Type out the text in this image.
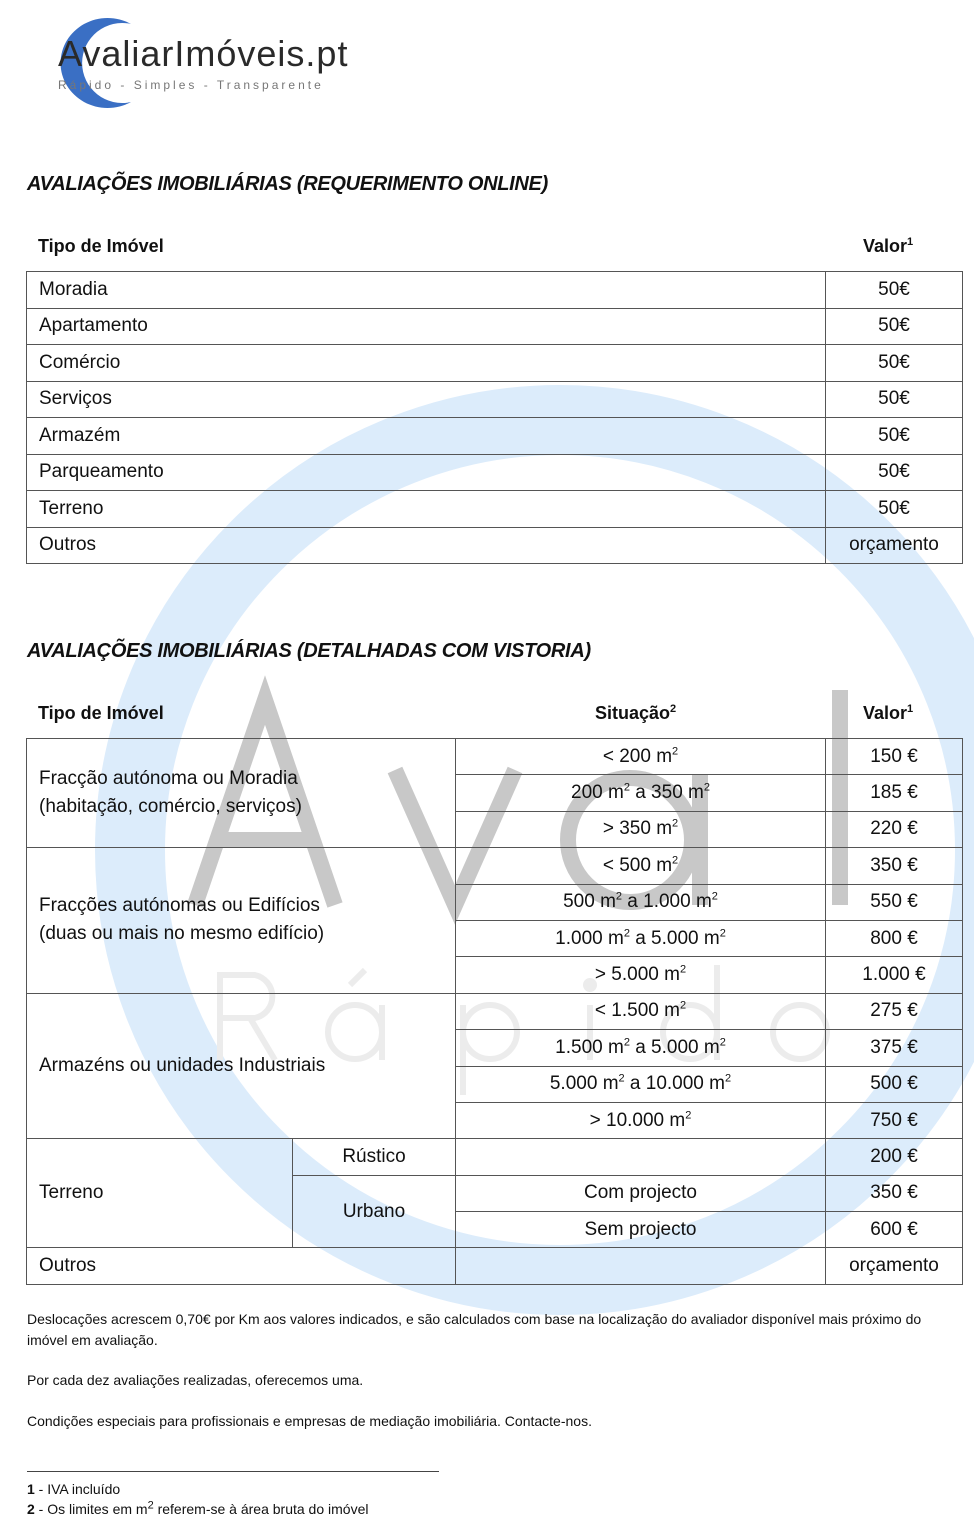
AvaliarImóveis.pt
Rápido - Simples - Transparente
AVALIAÇÕES IMOBILIÁRIAS (REQUERIMENTO ONLINE)
Tipo de Imóvel	Valor$^1$
Moradia	50€
Apartamento	50€
Comércio	50€
Serviços	50€
Armazém	50€
Parqueamento	50€
Terreno	50€
Outros	orçamento
AVALIAÇÕES IMOBILIÁRIAS (DETALHADAS COM VISTORIA)
Tipo de Imóvel	Situação$^2$	Valor$^1$
Fracção autónoma ou Moradia
(habitação, comércio, serviços)		< 200 $m^2$	150 €
		200 $m^2$ a 350 $m^2$	185 €
		> 350 $m^2$	220 €

Fracções autónomas ou Edifícios
(duas ou mais no mesmo edifício)		< 500 $m^2$	350 €
		500 $m^2$ a 1.000 $m^2$	550 €
		1.000 $m^2$ a 5.000 $m^2$	800 €
		> 5.000 $m^2$	1.000 €

Armazéns ou unidades Industriais		< 1.500 $m^2$	275 €
		1.500 $m^2$ a 5.000 $m^2$	375 €
		5.000 $m^2$ a 10.000 $m^2$	500 €
		> 10.000 $m^2$	750 €
Terreno	Rústico		200 €
	Urbano	Com projecto	350 €
		Sem projecto	600 €
Outros			orçamento
Deslocações acrescem 0,70€ por Km aos valores indicados, e são calculados com base na localização do avaliador disponível mais próximo do imóvel em avaliação.
Por cada dez avaliações realizadas, oferecemos uma.
Condições especiais para profissionais e empresas de mediação imobiliária. Contacte-nos.
1 - IVA incluído
2 - Os limites em $m^2$ referem-se à área bruta do imóvel
